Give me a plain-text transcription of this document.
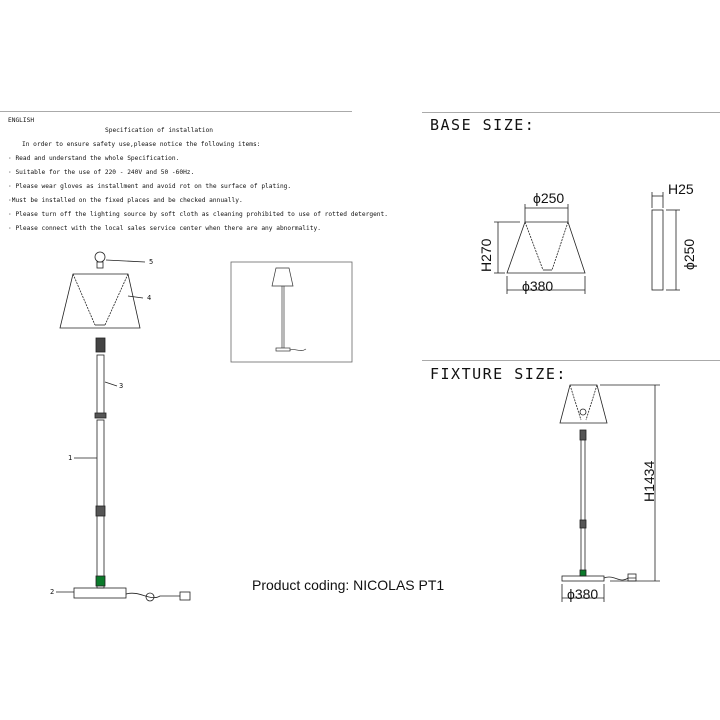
ENGLISH
Specification of installation
In order to ensure safety use,please notice the following items:
· Read and understand the whole Specification.
· Suitable for the use of 220 - 240V and 50 -60Hz.
· Please wear gloves as installment and avoid rot on the surface of plating.
·Must be installed on the fixed places and be checked annually.
· Please turn off the lighting source by soft cloth as cleaning prohibited to use of rotted detergent.
· Please connect with the local sales service center when there are any abnormality.
5
4
3
1
2
BASE SIZE:
ϕ250
ϕ380
H270
H25
ϕ250
FIXTURE SIZE:
H1434
ϕ380
Product coding: NICOLAS PT1
